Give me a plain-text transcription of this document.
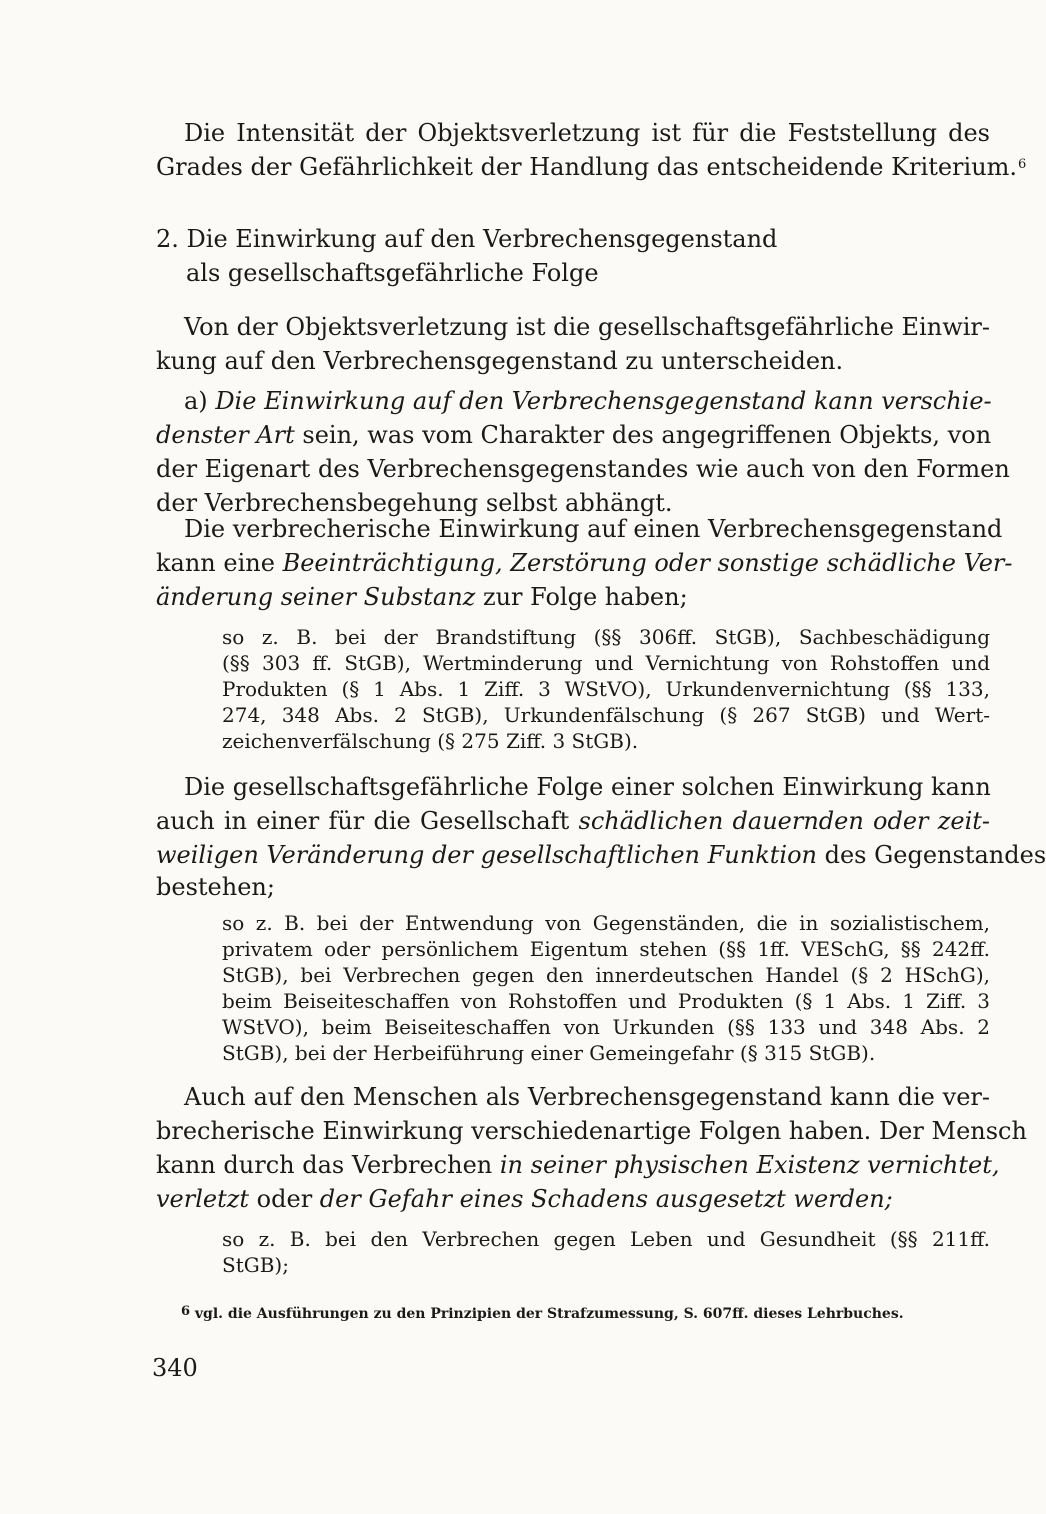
Die Intensität der Objektsverletzung ist für die Feststellung des

Grades der Gefährlichkeit der Handlung das entscheidende Kriterium.$^6$

2. Die Einwirkung auf den Verbrechensgegenstand

als gesellschaftsgefährliche Folge

Von der Objektsverletzung ist die gesellschaftsgefährliche Einwir-

kung auf den Verbrechensgegenstand zu unterscheiden.

a) Die Einwirkung auf den Verbrechensgegenstand kann verschie-

denster Art sein, was vom Charakter des angegriffenen Objekts, von

der Eigenart des Verbrechensgegenstandes wie auch von den Formen

der Verbrechensbegehung selbst abhängt.

Die verbrecherische Einwirkung auf einen Verbrechensgegenstand

kann eine Beeinträchtigung, Zerstörung oder sonstige schädliche Ver-

änderung seiner Substanz zur Folge haben;

so z. B. bei der Brandstiftung (§§ 306ff. StGB), Sachbeschädigung

(§§ 303 ff. StGB), Wertminderung und Vernichtung von Rohstoffen und

Produkten (§ 1 Abs. 1 Ziff. 3 WStVO), Urkundenvernichtung (§§ 133,

274, 348 Abs. 2 StGB), Urkundenfälschung (§ 267 StGB) und Wert-

zeichenverfälschung (§ 275 Ziff. 3 StGB).

Die gesellschaftsgefährliche Folge einer solchen Einwirkung kann

auch in einer für die Gesellschaft schädlichen dauernden oder zeit-

weiligen Veränderung der gesellschaftlichen Funktion des Gegenstandes

bestehen;

so z. B. bei der Entwendung von Gegenständen, die in sozialistischem,

privatem oder persönlichem Eigentum stehen (§§ 1ff. VESchG, §§ 242ff.

StGB), bei Verbrechen gegen den innerdeutschen Handel (§ 2 HSchG),

beim Beiseiteschaffen von Rohstoffen und Produkten (§ 1 Abs. 1 Ziff. 3

WStVO), beim Beiseiteschaffen von Urkunden (§§ 133 und 348 Abs. 2

StGB), bei der Herbeiführung einer Gemeingefahr (§ 315 StGB).

Auch auf den Menschen als Verbrechensgegenstand kann die ver-

brecherische Einwirkung verschiedenartige Folgen haben. Der Mensch

kann durch das Verbrechen in seiner physischen Existenz vernichtet,

verletzt oder der Gefahr eines Schadens ausgesetzt werden;

so z. B. bei den Verbrechen gegen Leben und Gesundheit (§§ 211ff.

StGB);

$^6$ vgl. die Ausführungen zu den Prinzipien der Strafzumessung, S. 607ff. dieses Lehrbuches.

340
